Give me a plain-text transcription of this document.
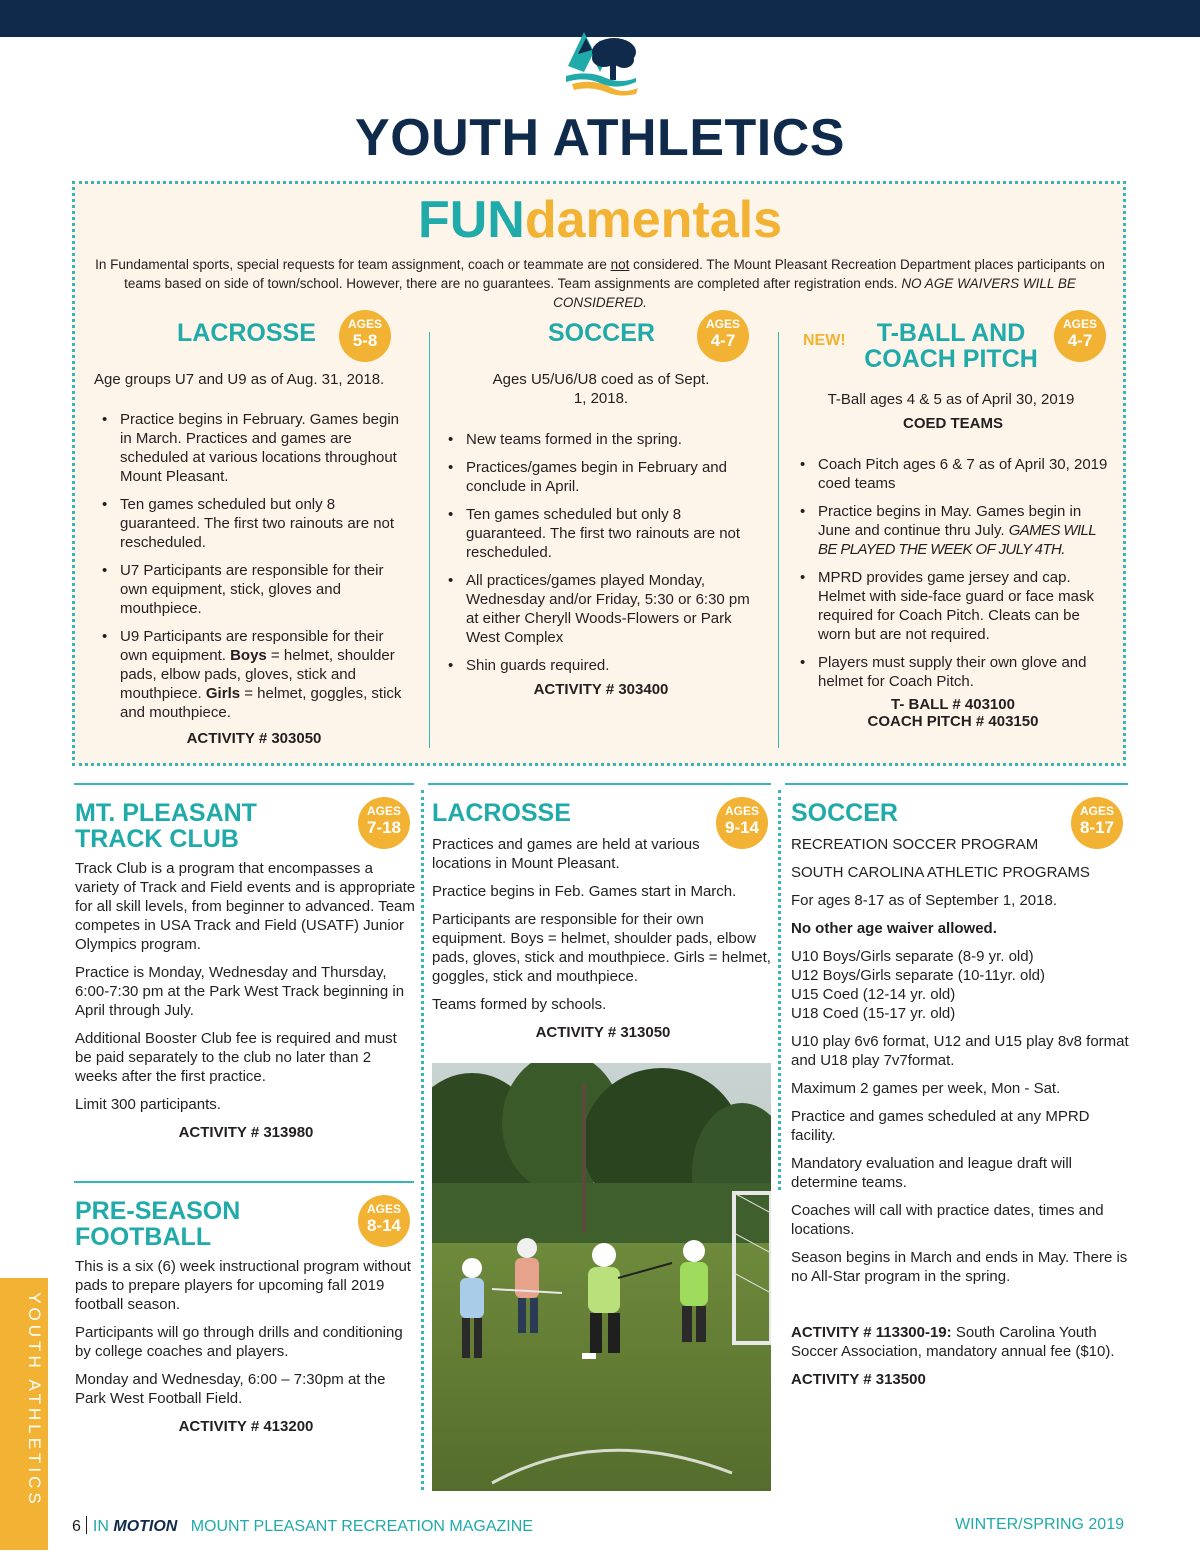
YOUTH ATHLETICS
FUNdamentals
In Fundamental sports, special requests for team assignment, coach or teammate are not considered. The Mount Pleasant Recreation Department places participants on teams based on side of town/school. However, there are no guarantees. Team assignments are completed after registration ends. NO AGE WAIVERS WILL BE CONSIDERED.
LACROSSE	AGES
5-8

Age groups U7 and U9 as of Aug. 31, 2018.

• Practice begins in February. Games begin in March. Practices and games are scheduled at various locations throughout Mount Pleasant.
• Ten games scheduled but only 8 guaranteed. The first two rainouts are not rescheduled.
• U7 Participants are responsible for their own equipment, stick, gloves and mouthpiece.
• U9 Participants are responsible for their own equipment. Boys = helmet, shoulder pads, elbow pads, gloves, stick and mouthpiece. Girls = helmet, goggles, stick and mouthpiece.

ACTIVITY # 303050

SOCCER	AGES
4-7

Ages U5/U6/U8 coed as of Sept. 1, 2018.

• New teams formed in the spring.
• Practices/games begin in February and conclude in April.
• Ten games scheduled but only 8 guaranteed. The first two rainouts are not rescheduled.
• All practices/games played Monday, Wednesday and/or Friday, 5:30 or 6:30 pm at either Cheryll Woods-Flowers or Park West Complex
• Shin guards required.

ACTIVITY # 303400

NEW!	T-BALL AND
COACH PITCH
AGES
4-7

T-Ball ages 4 & 5 as of April 30, 2019

COED TEAMS

• Coach Pitch ages 6 & 7 as of April 30, 2019 coed teams
• Practice begins in May. Games begin in June and continue thru July. GAMES WILL BE PLAYED THE WEEK OF JULY 4TH.
• MPRD provides game jersey and cap. Helmet with side-face guard or face mask required for Coach Pitch. Cleats can be worn but are not required.
• Players must supply their own glove and helmet for Coach Pitch.

T- BALL # 403100
COACH PITCH # 403150

MT. PLEASANT
TRACK CLUB
AGES
7-18

Track Club is a program that encompasses a variety of Track and Field events and is appropriate for all skill levels, from beginner to advanced. Team competes in USA Track and Field (USATF) Junior Olympics program.

Practice is Monday, Wednesday and Thursday, 6:00-7:30 pm at the Park West Track beginning in April through July.

Additional Booster Club fee is required and must be paid separately to the club no later than 2 weeks after the first practice.

Limit 300 participants.

ACTIVITY # 313980

PRE-SEASON
FOOTBALL
AGES
8-14

This is a six (6) week instructional program without pads to prepare players for upcoming fall 2019 football season.

Participants will go through drills and conditioning by college coaches and players.

Monday and Wednesday, 6:00 – 7:30pm at the Park West Football Field.

ACTIVITY # 413200

LACROSSE	AGES
9-14

Practices and games are held at various locations in Mount Pleasant.

Practice begins in Feb. Games start in March.

Participants are responsible for their own equipment. Boys = helmet, shoulder pads, elbow pads, gloves, stick and mouthpiece. Girls = helmet, goggles, stick and mouthpiece.

Teams formed by schools.

ACTIVITY # 313050

SOCCER	AGES
8-17

RECREATION SOCCER PROGRAM

SOUTH CAROLINA ATHLETIC PROGRAMS

For ages 8-17 as of September 1, 2018.

No other age waiver allowed.

U10 Boys/Girls separate (8-9 yr. old)
U12 Boys/Girls separate (10-11yr. old)
U15 Coed (12-14 yr. old)
U18 Coed (15-17 yr. old)

U10 play 6v6 format, U12 and U15 play 8v8 format and U18 play 7v7format.

Maximum 2 games per week, Mon - Sat.

Practice and games scheduled at any MPRD facility.

Mandatory evaluation and league draft will determine teams.

Coaches will call with practice dates, times and locations.

Season begins in March and ends in May. There is no All-Star program in the spring.

ACTIVITY # 113300-19: South Carolina Youth Soccer Association, mandatory annual fee ($10).

ACTIVITY # 313500

6 IN MOTION MOUNT PLEASANT RECREATION MAGAZINE	WINTER/SPRING 2019
YOUTH ATHLETICS
